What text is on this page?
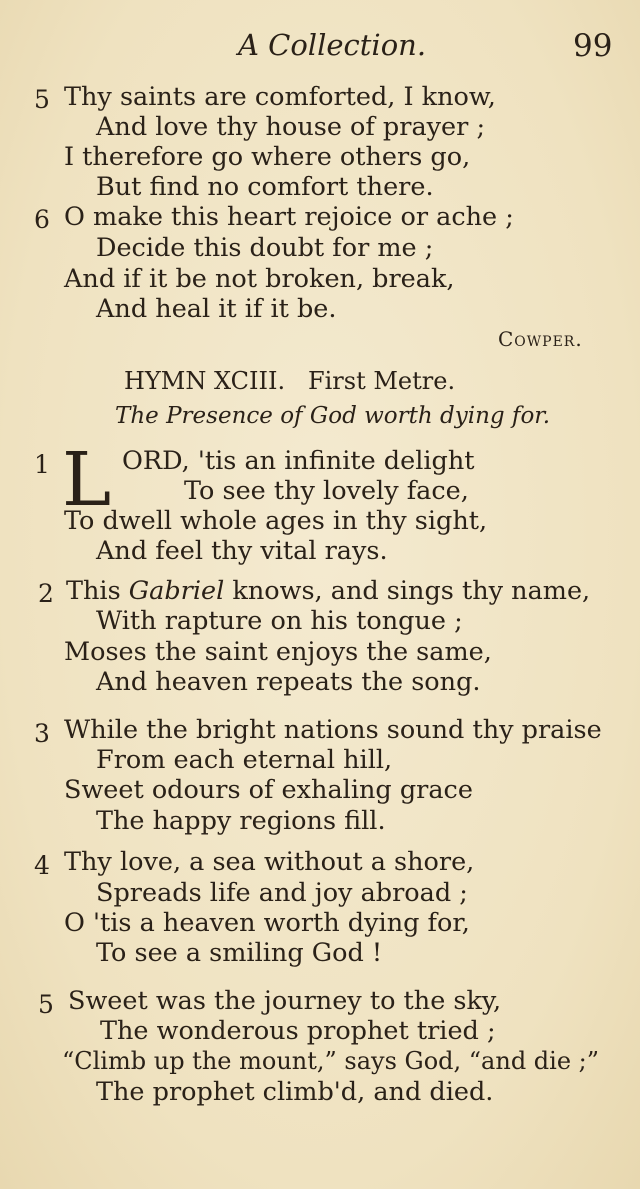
A Collection.	99
5 Thy saints are comforted, I know,
And love thy house of prayer ;
I therefore go where others go,
But find no comfort there.
6 O make this heart rejoice or ache ;
Decide this doubt for me ;
And if it be not broken, break,
And heal it if it be.
Cowper.
HYMN XCIII.   First Metre.
The Presence of God worth dying for.
1 L ORD, 'tis an infinite delight
To see thy lovely face,
To dwell whole ages in thy sight,
And feel thy vital rays.
2 This Gabriel knows, and sings thy name,
With rapture on his tongue ;
Moses the saint enjoys the same,
And heaven repeats the song.
3 While the bright nations sound thy praise
From each eternal hill,
Sweet odours of exhaling grace
The happy regions fill.
4 Thy love, a sea without a shore,
Spreads life and joy abroad ;
O 'tis a heaven worth dying for,
To see a smiling God !
5 Sweet was the journey to the sky,
The wonderous prophet tried ;
“Climb up the mount,” says God, “and die ;”
The prophet climb'd, and died.
